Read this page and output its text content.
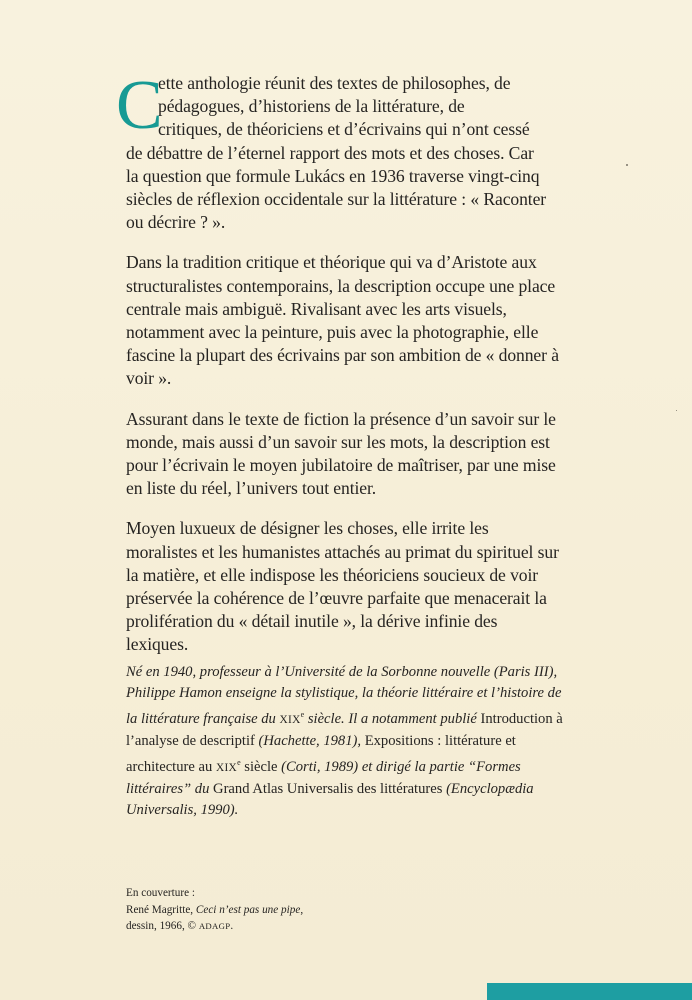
C
ette anthologie réunit des textes de philosophes, de
pédagogues, d’historiens de la littérature, de
critiques, de théoriciens et d’écrivains qui n’ont cessé
de débattre de l’éternel rapport des mots et des choses. Car
la question que formule Lukács en 1936 traverse vingt-cinq
siècles de réflexion occidentale sur la littérature : « Raconter
ou décrire ? ».

Dans la tradition critique et théorique qui va d’Aristote aux structuralistes contemporains, la description occupe une place centrale mais ambiguë. Rivalisant avec les arts visuels, notamment avec la peinture, puis avec la photographie, elle fascine la plupart des écrivains par son ambition de « donner à voir ».

Assurant dans le texte de fiction la présence d’un savoir sur le monde, mais aussi d’un savoir sur les mots, la description est pour l’écrivain le moyen jubilatoire de maîtriser, par une mise en liste du réel, l’univers tout entier.

Moyen luxueux de désigner les choses, elle irrite les moralistes et les humanistes attachés au primat du spirituel sur la matière, et elle indispose les théoriciens soucieux de voir préservée la cohérence de l’œuvre parfaite que menacerait la prolifération du « détail inutile », la dérive infinie des lexiques.

Né en 1940, professeur à l’Université de la Sorbonne nouvelle (Paris III), Philippe Hamon enseigne la stylistique, la théorie littéraire et l’histoire de la littérature française du XIXe siècle. Il a notamment publié Introduction à l’analyse de descriptif (Hachette, 1981), Expositions : littérature et architecture au XIXe siècle (Corti, 1989) et dirigé la partie “Formes littéraires” du Grand Atlas Universalis des littératures (Encyclopædia Universalis, 1990).
En couverture :
René Magritte, Ceci n’est pas une pipe,
dessin, 1966, © ADAGP.
